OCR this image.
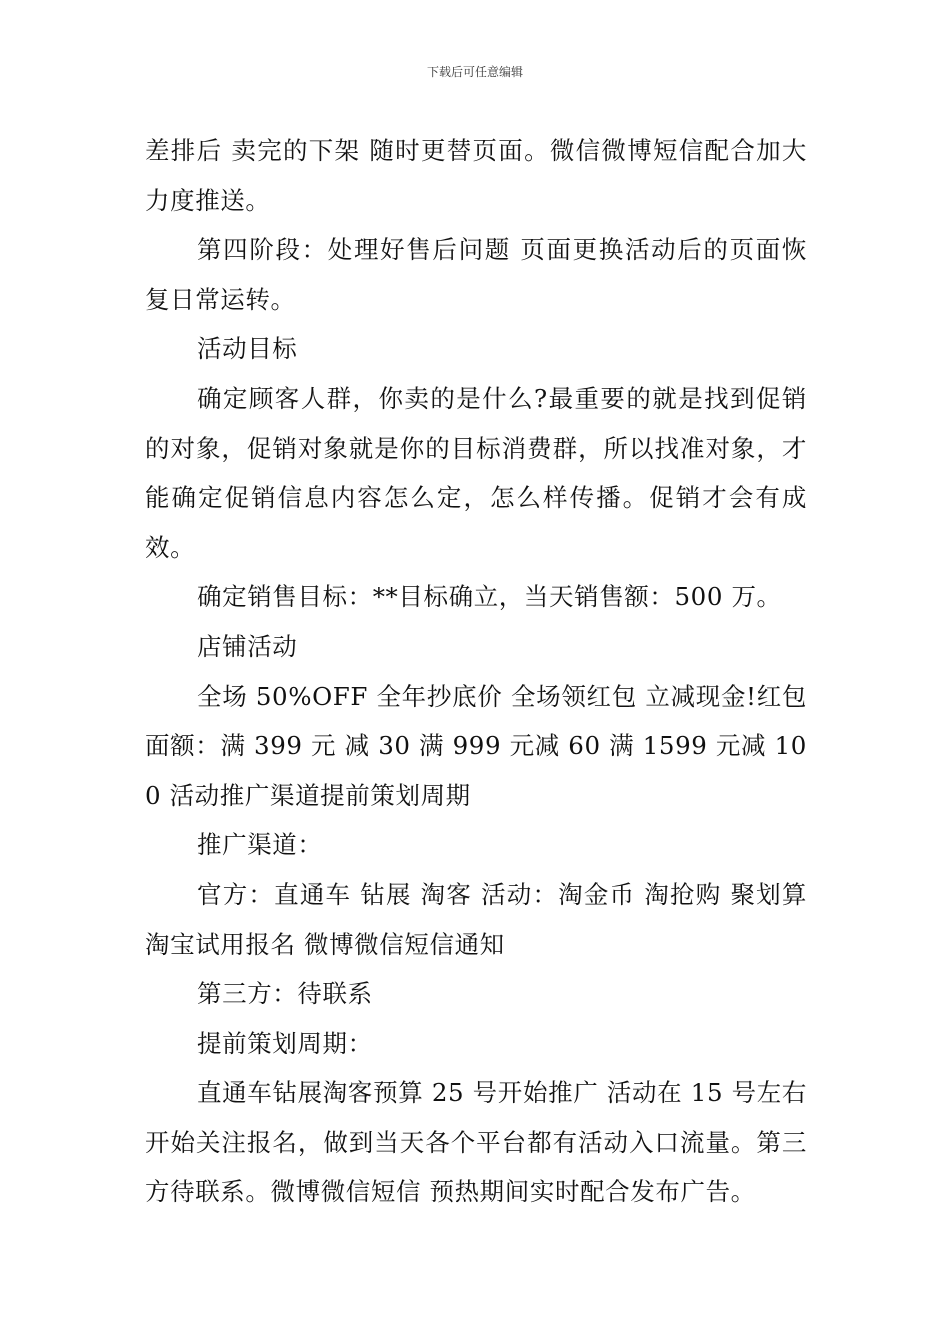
下载后可任意编辑

差排后 卖完的下架 随时更替页面。微信微博短信配合加大力度推送。

第四阶段：处理好售后问题 页面更换活动后的页面恢复日常运转。

活动目标

确定顾客人群，你卖的是什么?最重要的就是找到促销的对象，促销对象就是你的目标消费群，所以找准对象，才能确定促销信息内容怎么定，怎么样传播。促销才会有成效。

确定销售目标：**目标确立，当天销售额：500 万。

店铺活动

全场 50%OFF 全年抄底价 全场领红包 立减现金!红包面额：满 399 元 减 30 满 999 元减 60 满 1599 元减 100 活动推广渠道提前策划周期

推广渠道：

官方：直通车 钻展 淘客 活动：淘金币 淘抢购 聚划算 淘宝试用报名 微博微信短信通知

第三方：待联系

提前策划周期：

直通车钻展淘客预算 25 号开始推广 活动在 15 号左右开始关注报名，做到当天各个平台都有活动入口流量。第三方待联系。微博微信短信 预热期间实时配合发布广告。
